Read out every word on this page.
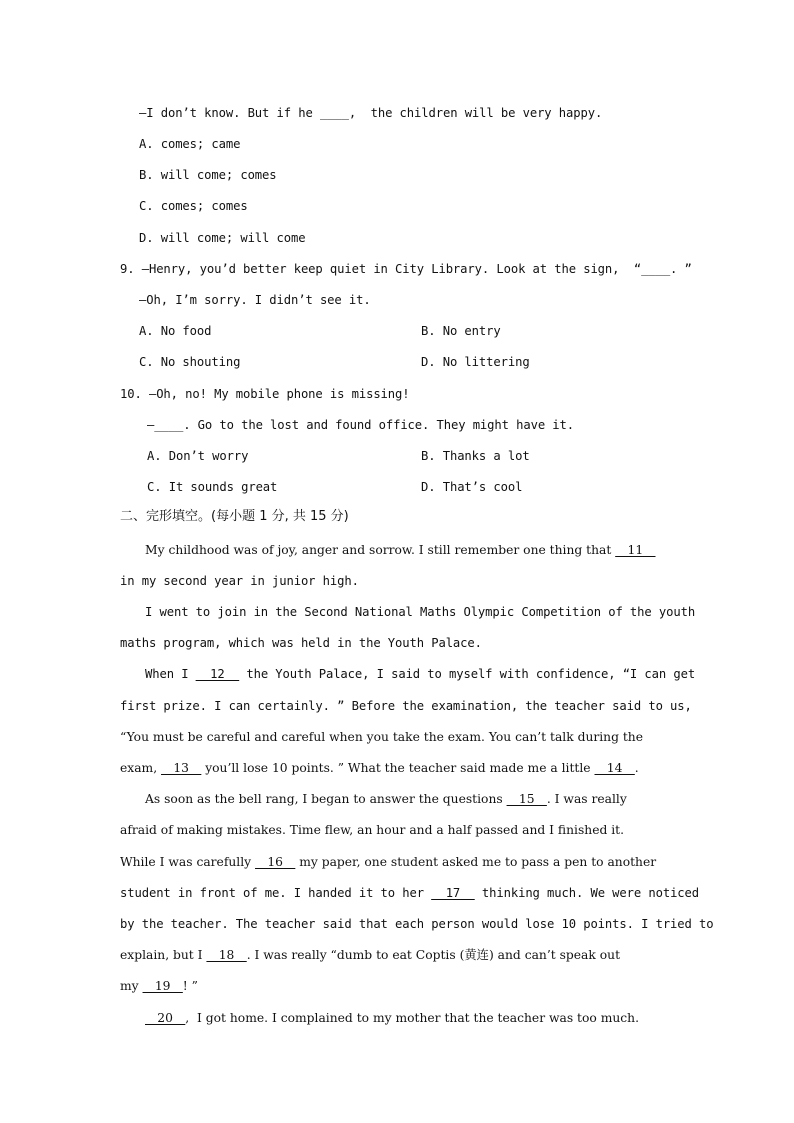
—I don’t know. But if he ____,  the children will be very happy.
A. comes; came
B. will come; comes
C. comes; comes
D. will come; will come
9. —Henry, you’d better keep quiet in City Library. Look at the sign,  “____. ”
—Oh, I’m sorry. I didn’t see it.
A. No food	B. No entry
C. No shouting	D. No littering
10. —Oh, no! My mobile phone is missing!
—____. Go to the lost and found office. They might have it.
A. Don’t worry	B. Thanks a lot
C. It sounds great	D. That’s cool
二、完形填空。(每小题 1 分, 共 15 分)
My childhood was of joy, anger and sorrow. I still remember one thing that __11__
in my second year in junior high.
I went to join in the Second National Maths Olympic Competition of the youth
maths program, which was held in the Youth Palace.
When I __12__ the Youth Palace, I said to myself with confidence, “I can get
first prize. I can certainly. ” Before the examination, the teacher said to us,
“You must be careful and careful when you take the exam. You can’t talk during the
exam, __13__ you’ll lose 10 points. ” What the teacher said made me a little __14__.
As soon as the bell rang, I began to answer the questions __15__. I was really
afraid of making mistakes. Time flew, an hour and a half passed and I finished it.
While I was carefully __16__ my paper, one student asked me to pass a pen to another
student in front of me. I handed it to her __17__ thinking much. We were noticed
by the teacher. The teacher said that each person would lose 10 points. I tried to
explain, but I __18__. I was really “dumb to eat Coptis (黄连) and can’t speak out
my __19__! ”
__20__,  I got home. I complained to my mother that the teacher was too much.
